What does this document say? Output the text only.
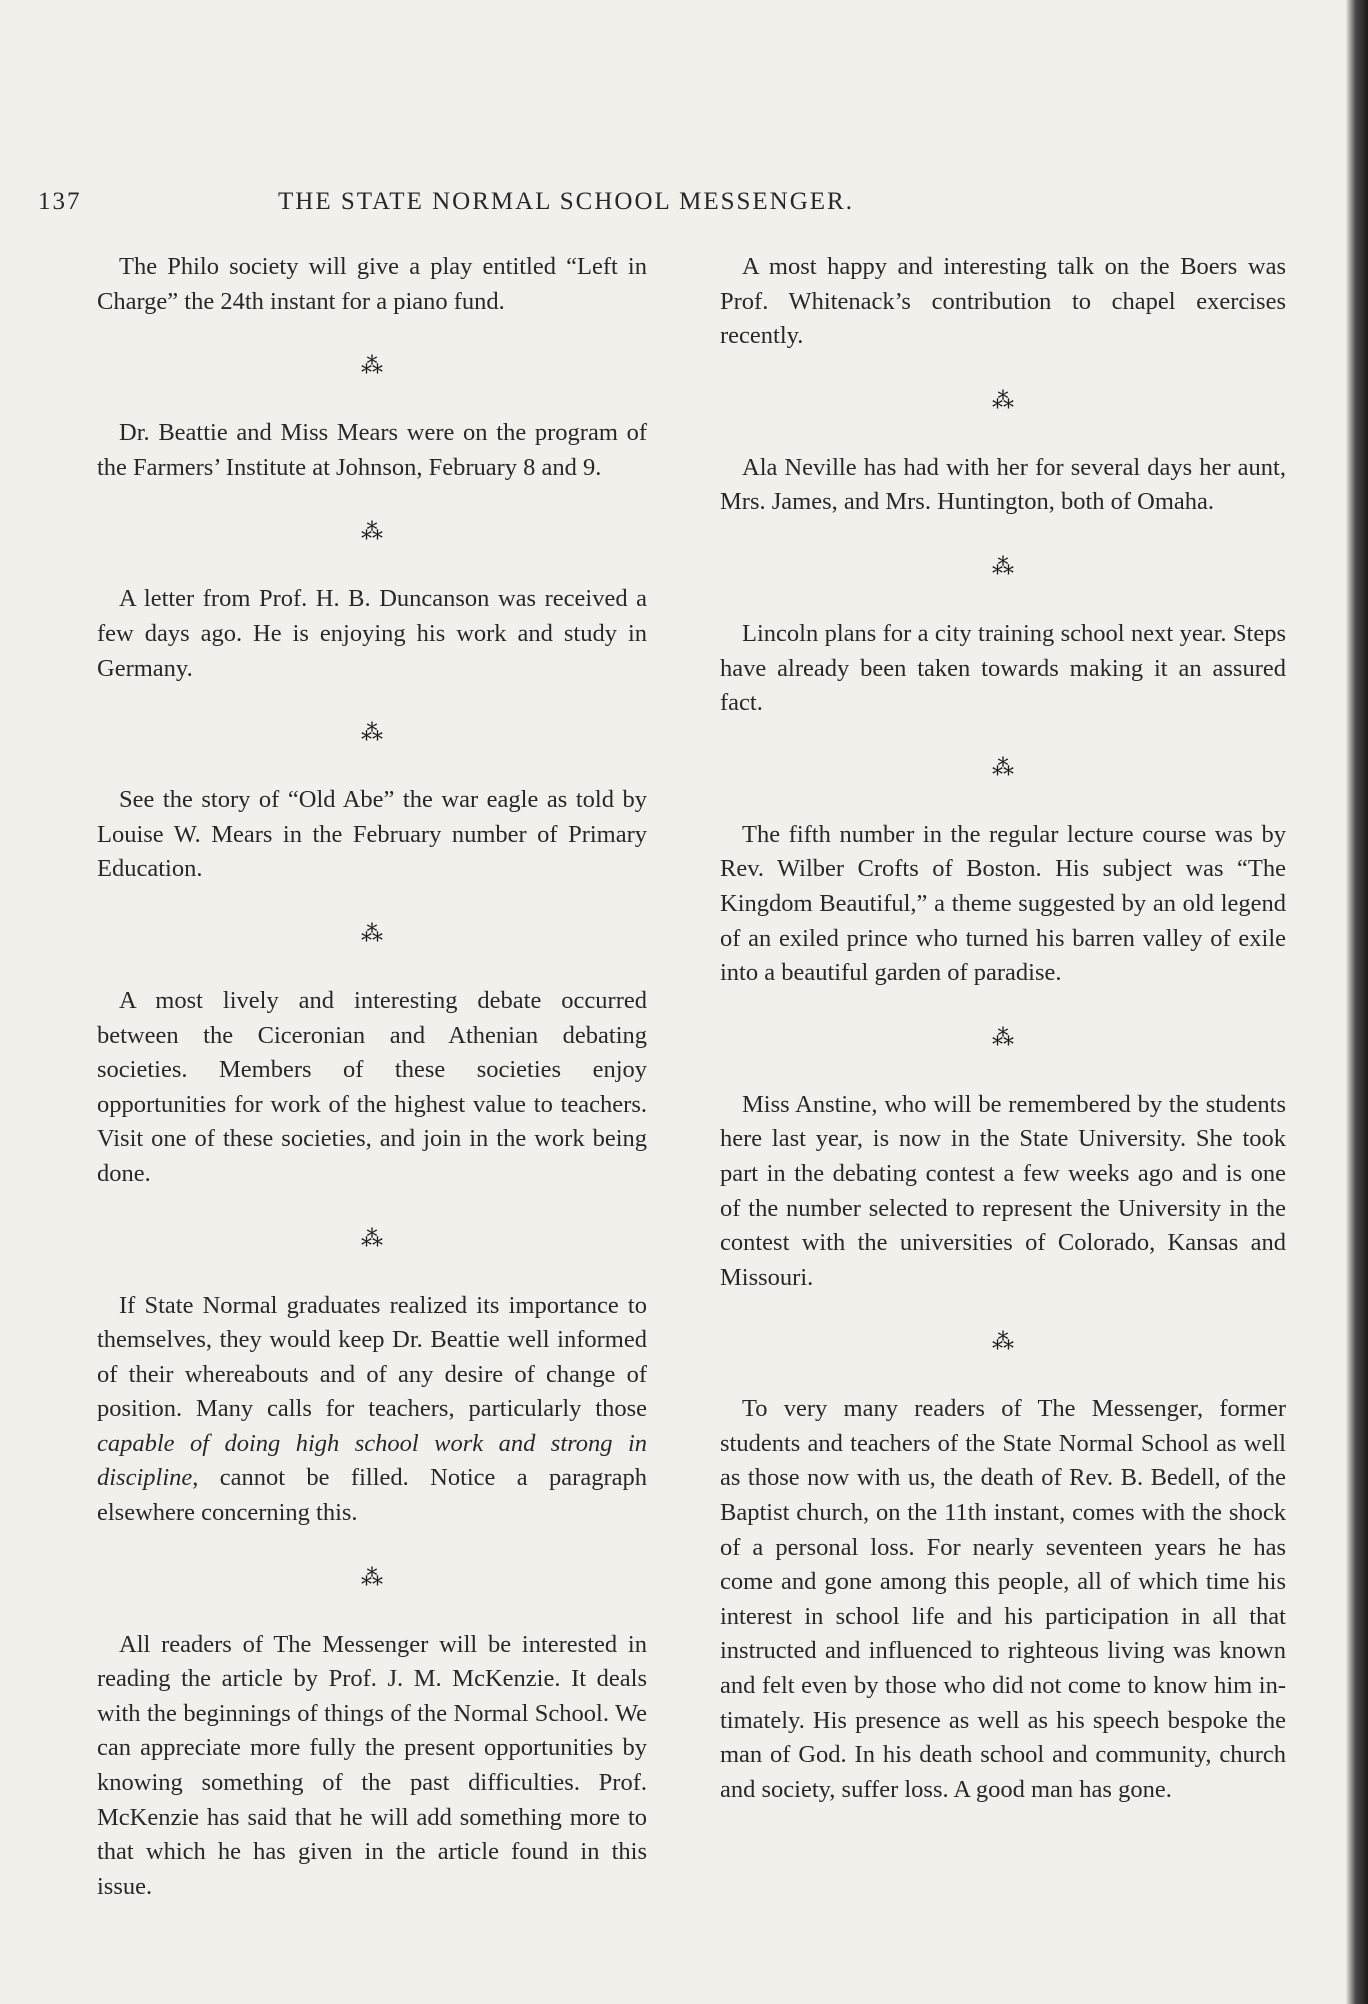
137	THE STATE NORMAL SCHOOL MESSENGER.

The Philo society will give a play entitled “Left in Charge” the 24th instant for a piano fund.

⁂

Dr. Beattie and Miss Mears were on the program of the Farmers’ Institute at Johnson, February 8 and 9.

⁂

A letter from Prof. H. B. Duncanson was received a few days ago. He is enjoying his work and study in Germany.

⁂

See the story of “Old Abe” the war eagle as told by Louise W. Mears in the February number of Primary Education.

⁂

A most lively and interesting debate occurred between the Ciceronian and Athenian debating societies. Members of these societies enjoy opportunities for work of the highest value to teachers. Visit one of these societies, and join in the work being done.

⁂

If State Normal graduates realized its importance to themselves, they would keep Dr. Beattie well informed of their whereabouts and of any desire of change of position. Many calls for teachers, particularly those capable of doing high school work and strong in discipline, cannot be filled. Notice a paragraph elsewhere concerning this.

⁂

All readers of The Messenger will be interested in reading the article by Prof. J. M. McKenzie. It deals with the beginnings of things of the Normal School. We can appreciate more fully the present opportunities by knowing something of the past difficulties. Prof. McKenzie has said that he will add something more to that which he has given in the article found in this issue.

A most happy and interesting talk on the Boers was Prof. Whitenack’s contribution to chapel exercises recently.

⁂

Ala Neville has had with her for several days her aunt, Mrs. James, and Mrs. Huntington, both of Omaha.

⁂

Lincoln plans for a city training school next year. Steps have already been taken towards making it an assured fact.

⁂

The fifth number in the regular lecture course was by Rev. Wilber Crofts of Boston. His subject was “The Kingdom Beautiful,” a theme suggested by an old legend of an exiled prince who turned his barren valley of exile into a beautiful garden of paradise.

⁂

Miss Anstine, who will be remembered by the students here last year, is now in the State University. She took part in the debating contest a few weeks ago and is one of the number selected to represent the University in the contest with the universities of Colorado, Kansas and Missouri.

⁂

To very many readers of The Messenger, former students and teachers of the State Normal School as well as those now with us, the death of Rev. B. Bedell, of the Baptist church, on the 11th instant, comes with the shock of a personal loss. For nearly seventeen years he has come and gone among this people, all of which time his interest in school life and his participation in all that instructed and influenced to righteous living was known and felt even by those who did not come to know him intimately. His presence as well as his speech bespoke the man of God. In his death school and community, church and society, suffer loss. A good man has gone.
